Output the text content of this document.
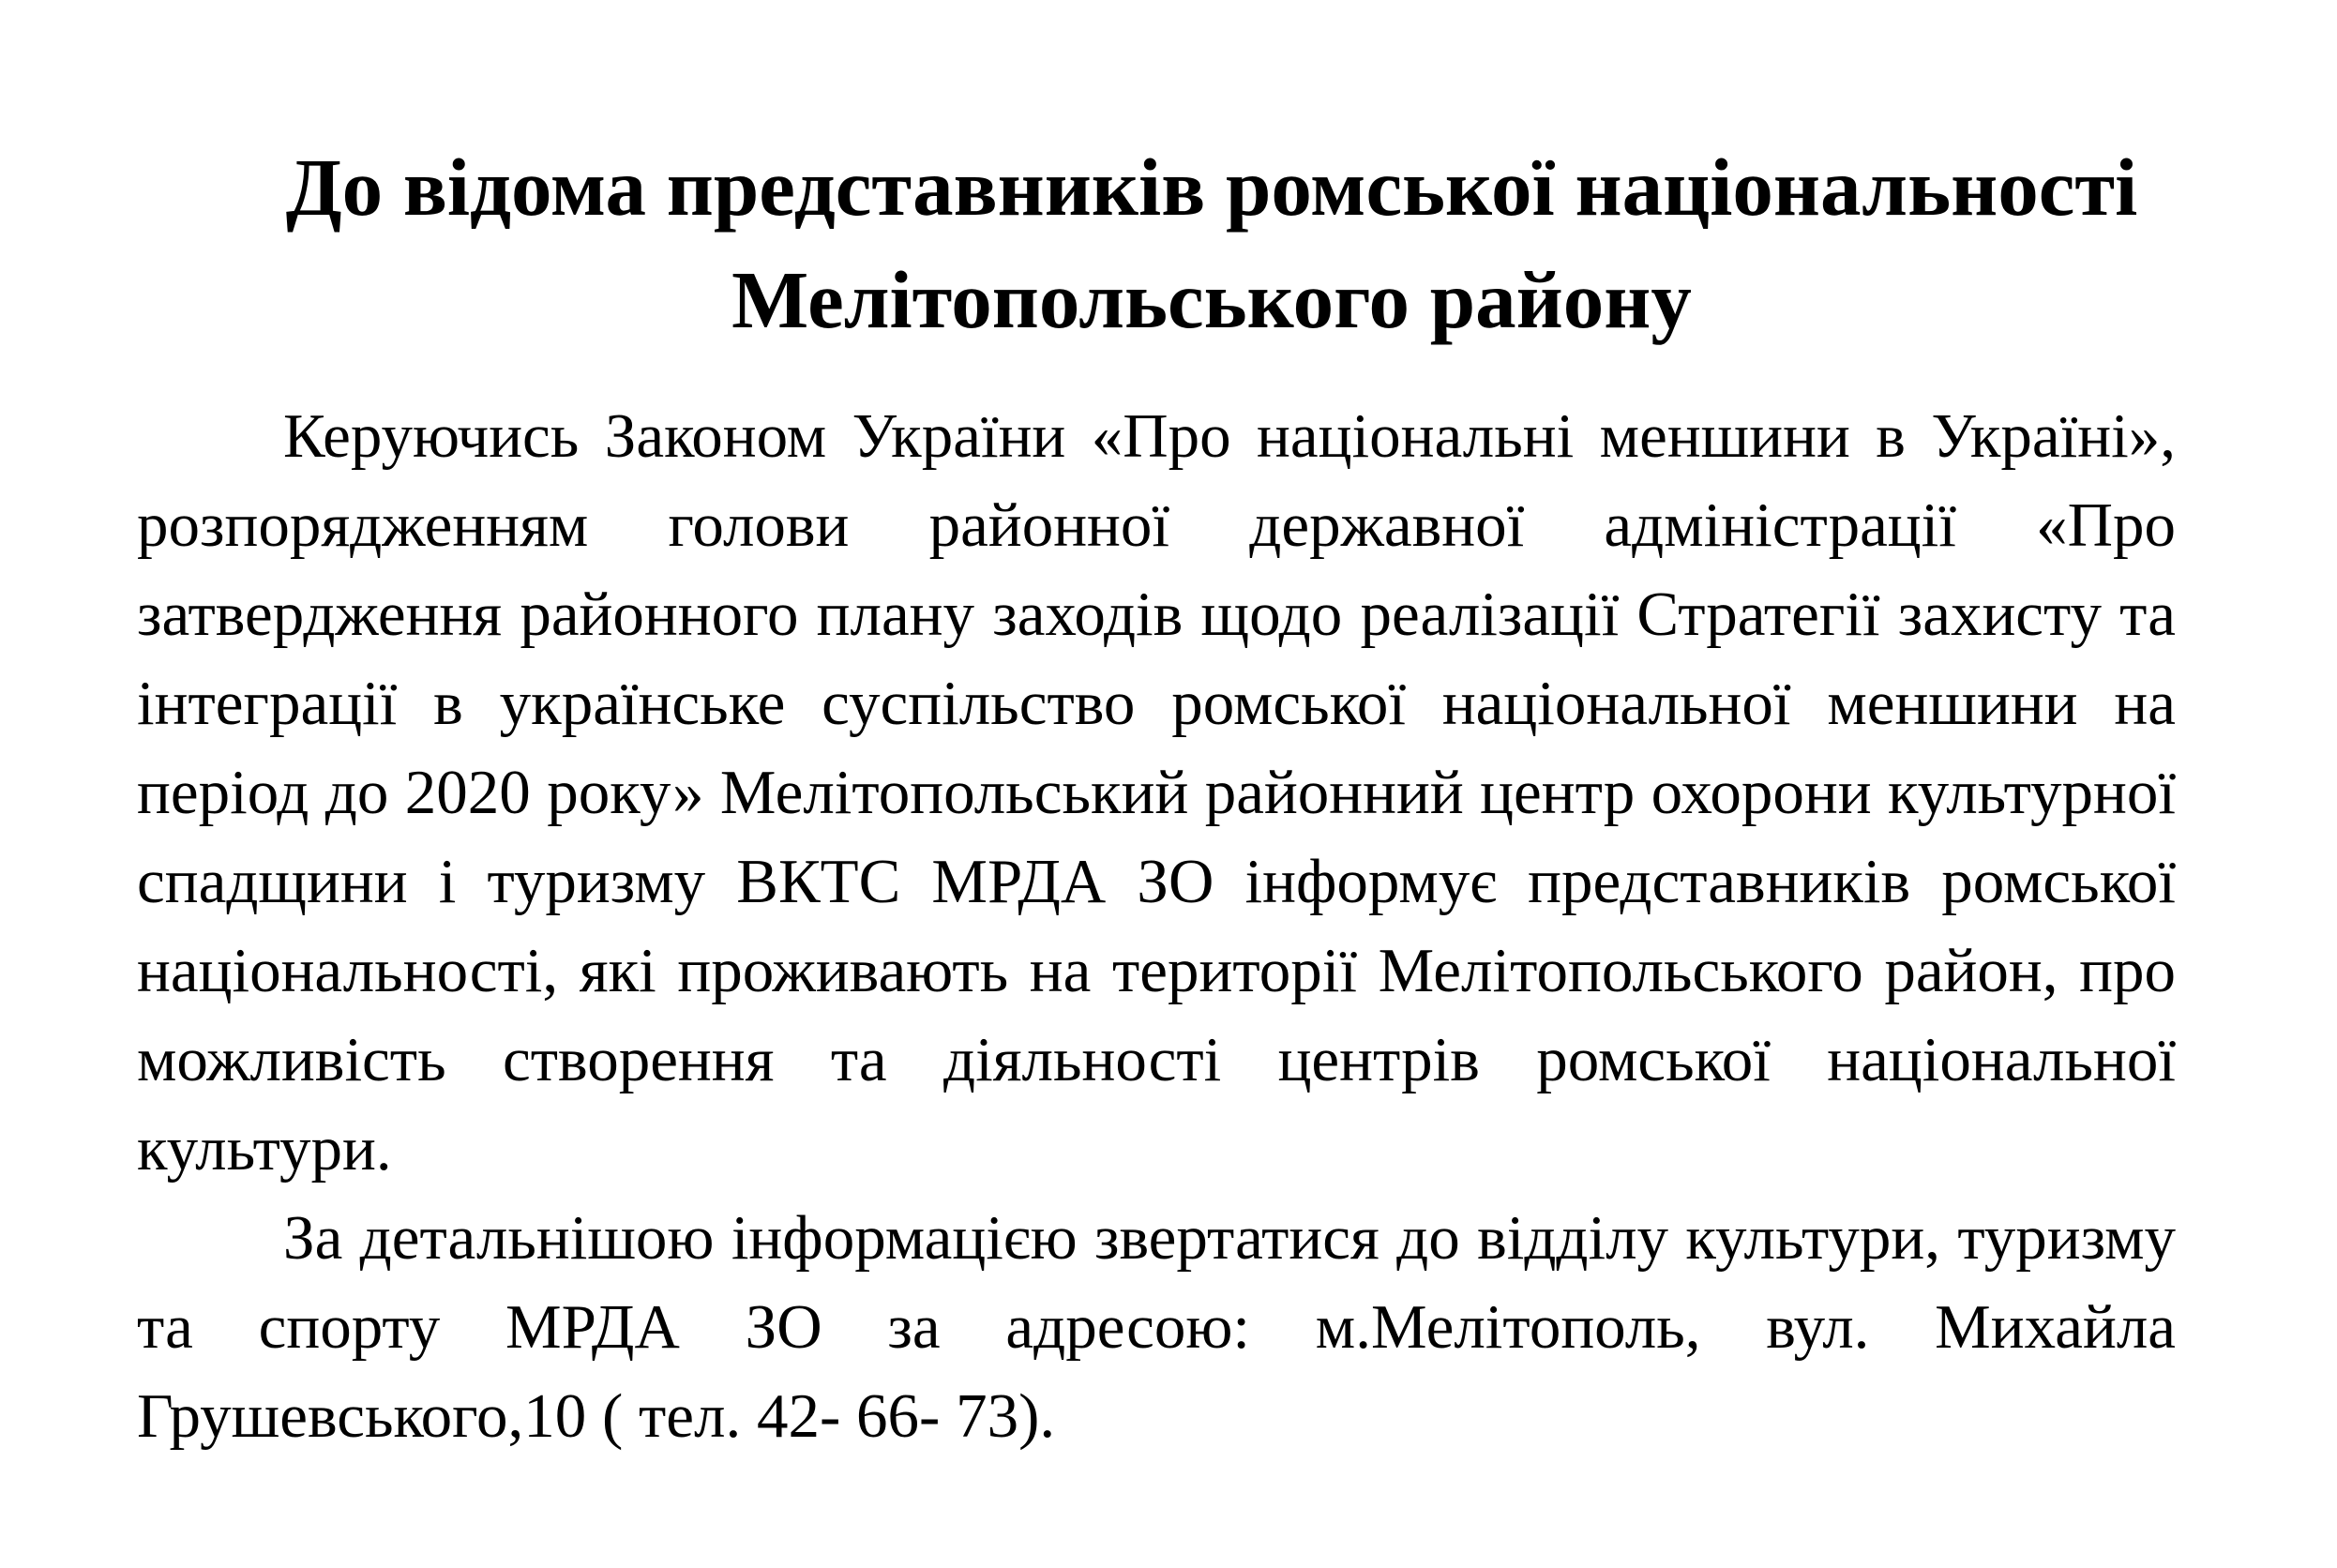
До відома представників ромської національності
Мелітопольського району

Керуючись Законом України «Про національні меншини в Україні», розпорядженням голови районної державної адміністрації «Про затвердження районного плану заходів щодо реалізації Стратегії захисту та інтеграції в українське суспільство ромської національної меншини на період до 2020 року» Мелітопольський районний центр охорони культурної спадщини і туризму ВКТС МРДА ЗО інформує представників ромської національності, які проживають на території Мелітопольського район, про можливість створення та діяльності центрів ромської національної культури.

За детальнішою інформацією звертатися до відділу культури, туризму та спорту МРДА ЗО за адресою: м.Мелітополь, вул. Михайла Грушевського,10 ( тел. 42- 66- 73).
